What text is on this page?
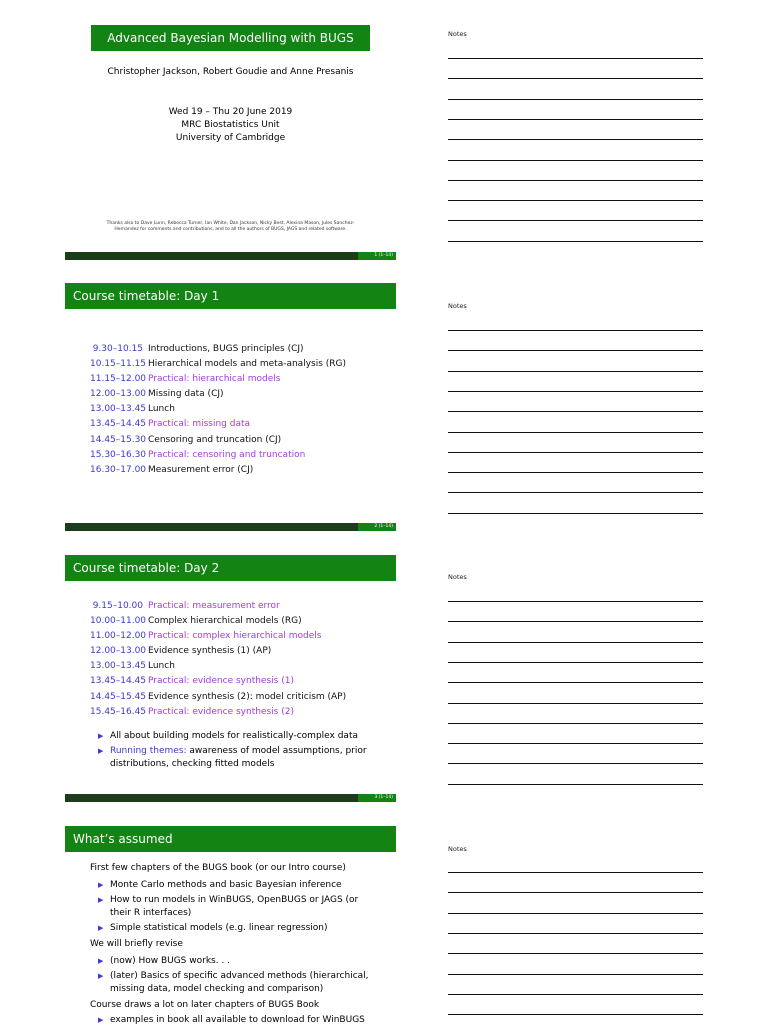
Advanced Bayesian Modelling with BUGS
Christopher Jackson, Robert Goudie and Anne Presanis
Wed 19 – Thu 20 June 2019
MRC Biostatistics Unit
University of Cambridge
Thanks also to Dave Lunn, Rebecca Turner, Ian White, Dan Jackson, Nicky Best, Alexina Mason, Jules Sanchez-Hernandez for comments and contributions, and to all the authors of BUGS, JAGS and related software.
1 (1–14)
Course timetable: Day 1
9.30–10.15 Introductions, BUGS principles (CJ)
10.15–11.15 Hierarchical models and meta-analysis (RG)
11.15–12.00 Practical: hierarchical models
12.00–13.00 Missing data (CJ)
13.00–13.45 Lunch
13.45–14.45 Practical: missing data
14.45–15.30 Censoring and truncation (CJ)
15.30–16.30 Practical: censoring and truncation
16.30–17.00 Measurement error (CJ)
2 (1–14)
Course timetable: Day 2
9.15–10.00 Practical: measurement error
10.00–11.00 Complex hierarchical models (RG)
11.00–12.00 Practical: complex hierarchical models
12.00–13.00 Evidence synthesis (1) (AP)
13.00–13.45 Lunch
13.45–14.45 Practical: evidence synthesis (1)
14.45–15.45 Evidence synthesis (2): model criticism (AP)
15.45–16.45 Practical: evidence synthesis (2)
▶ All about building models for realistically-complex data
▶ Running themes: awareness of model assumptions, prior distributions, checking fitted models
3 (1–14)
What’s assumed
First few chapters of the BUGS book (or our Intro course)
▶ Monte Carlo methods and basic Bayesian inference
▶ How to run models in WinBUGS, OpenBUGS or JAGS (or their R interfaces)
▶ Simple statistical models (e.g. linear regression)
We will briefly revise
▶ (now) How BUGS works. . .
▶ (later) Basics of specific advanced methods (hierarchical, missing data, model checking and comparison)
Course draws a lot on later chapters of BUGS Book
▶ examples in book all available to download for WinBUGS
Notes
Notes
Notes
Notes
